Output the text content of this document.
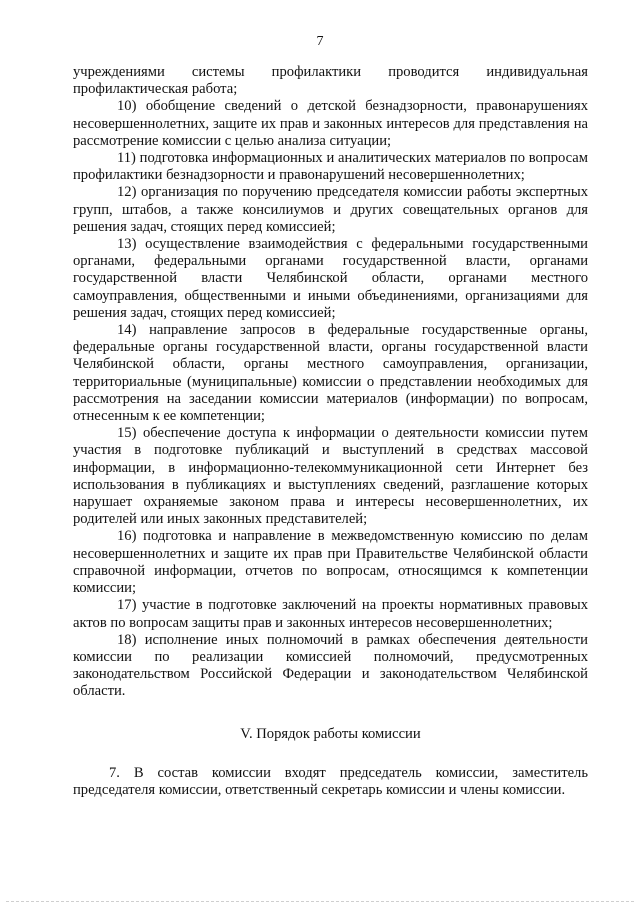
7

учреждениями системы профилактики проводится индивидуальная профилактическая работа;

10) обобщение сведений о детской безнадзорности, правонарушениях несовершеннолетних, защите их прав и законных интересов для представления на рассмотрение комиссии с целью анализа ситуации;

11) подготовка информационных и аналитических материалов по вопросам профилактики безнадзорности и правонарушений несовершеннолетних;

12) организация по поручению председателя комиссии работы экспертных групп, штабов, а также консилиумов и других совещательных органов для решения задач, стоящих перед комиссией;

13) осуществление взаимодействия с федеральными государственными органами, федеральными органами государственной власти, органами государственной власти Челябинской области, органами местного самоуправления, общественными и иными объединениями, организациями для решения задач, стоящих перед комиссией;

14) направление запросов в федеральные государственные органы, федеральные органы государственной власти, органы государственной власти Челябинской области, органы местного самоуправления, организации, территориальные (муниципальные) комиссии о представлении необходимых для рассмотрения на заседании комиссии материалов (информации) по вопросам, отнесенным к ее компетенции;

15) обеспечение доступа к информации о деятельности комиссии путем участия в подготовке публикаций и выступлений в средствах массовой информации, в информационно-телекоммуникационной сети Интернет без использования в публикациях и выступлениях сведений, разглашение которых нарушает охраняемые законом права и интересы несовершеннолетних, их родителей или иных законных представителей;

16) подготовка и направление в межведомственную комиссию по делам несовершеннолетних и защите их прав при Правительстве Челябинской области справочной информации, отчетов по вопросам, относящимся к компетенции комиссии;

17) участие в подготовке заключений на проекты нормативных правовых актов по вопросам защиты прав и законных интересов несовершеннолетних;

18) исполнение иных полномочий в рамках обеспечения деятельности комиссии по реализации комиссией полномочий, предусмотренных законодательством Российской Федерации и законодательством Челябинской области.

V. Порядок работы комиссии

7. В состав комиссии входят председатель комиссии, заместитель председателя комиссии, ответственный секретарь комиссии и члены комиссии.
